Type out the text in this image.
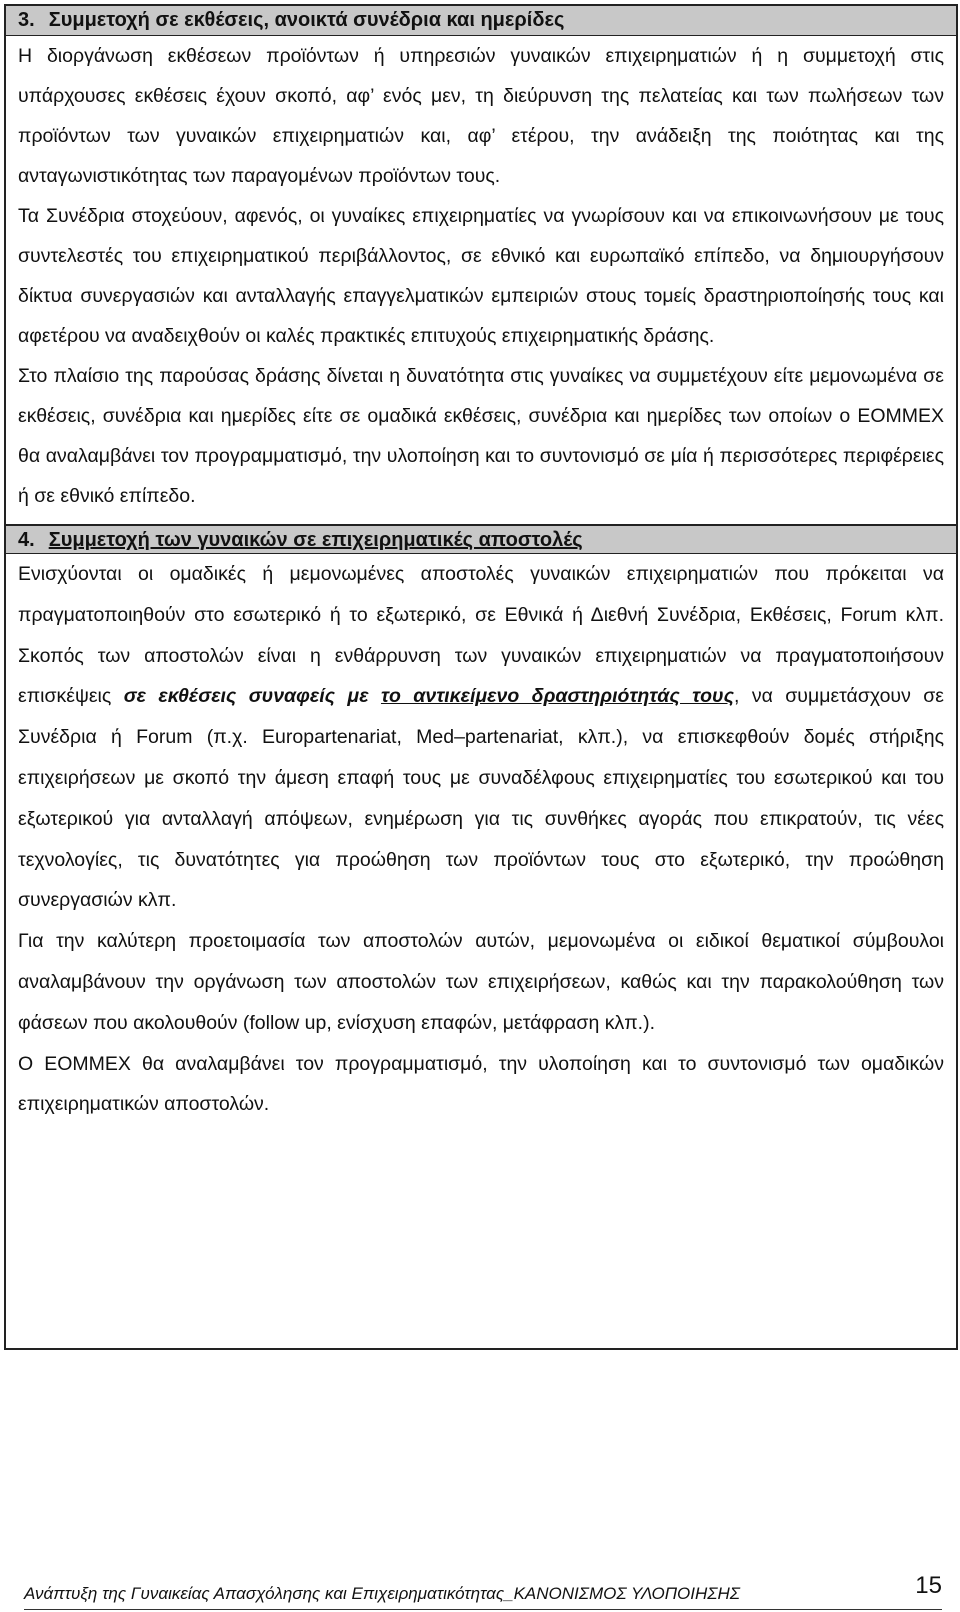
3. Συμμετοχή σε εκθέσεις, ανοικτά συνέδρια και ημερίδες

Η διοργάνωση εκθέσεων προϊόντων ή υπηρεσιών γυναικών επιχειρηματιών ή η συμμετοχή στις υπάρχουσες εκθέσεις έχουν σκοπό, αφ’ ενός μεν, τη διεύρυνση της πελατείας και των πωλήσεων των προϊόντων των γυναικών επιχειρηματιών και, αφ’ ετέρου, την ανάδειξη της ποιότητας και της ανταγωνιστικότητας των παραγομένων προϊόντων τους.

Τα Συνέδρια στοχεύουν, αφενός, οι γυναίκες επιχειρηματίες να γνωρίσουν και να επικοινωνήσουν με τους συντελεστές του επιχειρηματικού περιβάλλοντος, σε εθνικό και ευρωπαϊκό επίπεδο, να δημιουργήσουν δίκτυα συνεργασιών και ανταλλαγής επαγγελματικών εμπειριών στους τομείς δραστηριοποίησής τους και αφετέρου να αναδειχθούν οι καλές πρακτικές επιτυχούς επιχειρηματικής δράσης.

Στο πλαίσιο της παρούσας δράσης δίνεται η δυνατότητα στις γυναίκες να συμμετέχουν είτε μεμονωμένα σε εκθέσεις, συνέδρια και ημερίδες είτε σε ομαδικά εκθέσεις, συνέδρια και ημερίδες των οποίων ο ΕΟΜΜΕΧ θα αναλαμβάνει τον προγραμματισμό, την υλοποίηση και το συντονισμό σε μία ή περισσότερες περιφέρειες ή σε εθνικό επίπεδο.

4. Συμμετοχή των γυναικών σε επιχειρηματικές αποστολές

Ενισχύονται οι ομαδικές ή μεμονωμένες αποστολές γυναικών επιχειρηματιών που πρόκειται να πραγματοποιηθούν στο εσωτερικό ή το εξωτερικό, σε Εθνικά ή Διεθνή Συνέδρια, Εκθέσεις, Forum κλπ. Σκοπός των αποστολών είναι η ενθάρρυνση των γυναικών επιχειρηματιών να πραγματοποιήσουν επισκέψεις σε εκθέσεις συναφείς με το αντικείμενο δραστηριότητάς τους, να συμμετάσχουν σε Συνέδρια ή Forum (π.χ. Europartenariat, Med–partenariat, κλπ.), να επισκεφθούν δομές στήριξης επιχειρήσεων με σκοπό την άμεση επαφή τους με συναδέλφους επιχειρηματίες του εσωτερικού και του εξωτερικού για ανταλλαγή απόψεων, ενημέρωση για τις συνθήκες αγοράς που επικρατούν, τις νέες τεχνολογίες, τις δυνατότητες για προώθηση των προϊόντων τους στο εξωτερικό, την προώθηση συνεργασιών κλπ.

Για την καλύτερη προετοιμασία των αποστολών αυτών, μεμονωμένα οι ειδικοί θεματικοί σύμβουλοι αναλαμβάνουν την οργάνωση των αποστολών των επιχειρήσεων, καθώς και την παρακολούθηση των φάσεων που ακολουθούν (follow up, ενίσχυση επαφών, μετάφραση κλπ.).

Ο ΕΟΜΜΕΧ θα αναλαμβάνει τον προγραμματισμό, την υλοποίηση και το συντονισμό των ομαδικών επιχειρηματικών αποστολών.

Ανάπτυξη της Γυναικείας Απασχόλησης και Επιχειρηματικότητας_ΚΑΝΟΝΙΣΜΟΣ ΥΛΟΠΟΙΗΣΗΣ	15
